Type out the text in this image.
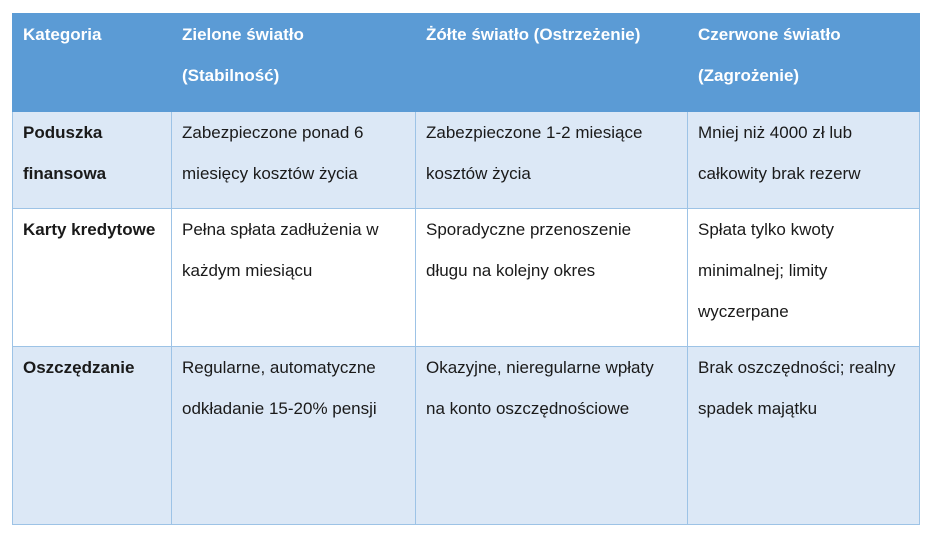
Kategoria	Zielone światło (Stabilność)	Żółte światło (Ostrzeżenie)	Czerwone światło (Zagrożenie)
Poduszka finansowa	Zabezpieczone ponad 6 miesięcy kosztów życia	Zabezpieczone 1-2 miesiące kosztów życia	Mniej niż 4000 zł lub całkowity brak rezerw
Karty kredytowe	Pełna spłata zadłużenia w każdym miesiącu	Sporadyczne przenoszenie długu na kolejny okres	Spłata tylko kwoty minimalnej; limity wyczerpane
Oszczędzanie	Regularne, automatyczne odkładanie 15-20% pensji	Okazyjne, nieregularne wpłaty na konto oszczędnościowe	Brak oszczędności; realny spadek majątku
